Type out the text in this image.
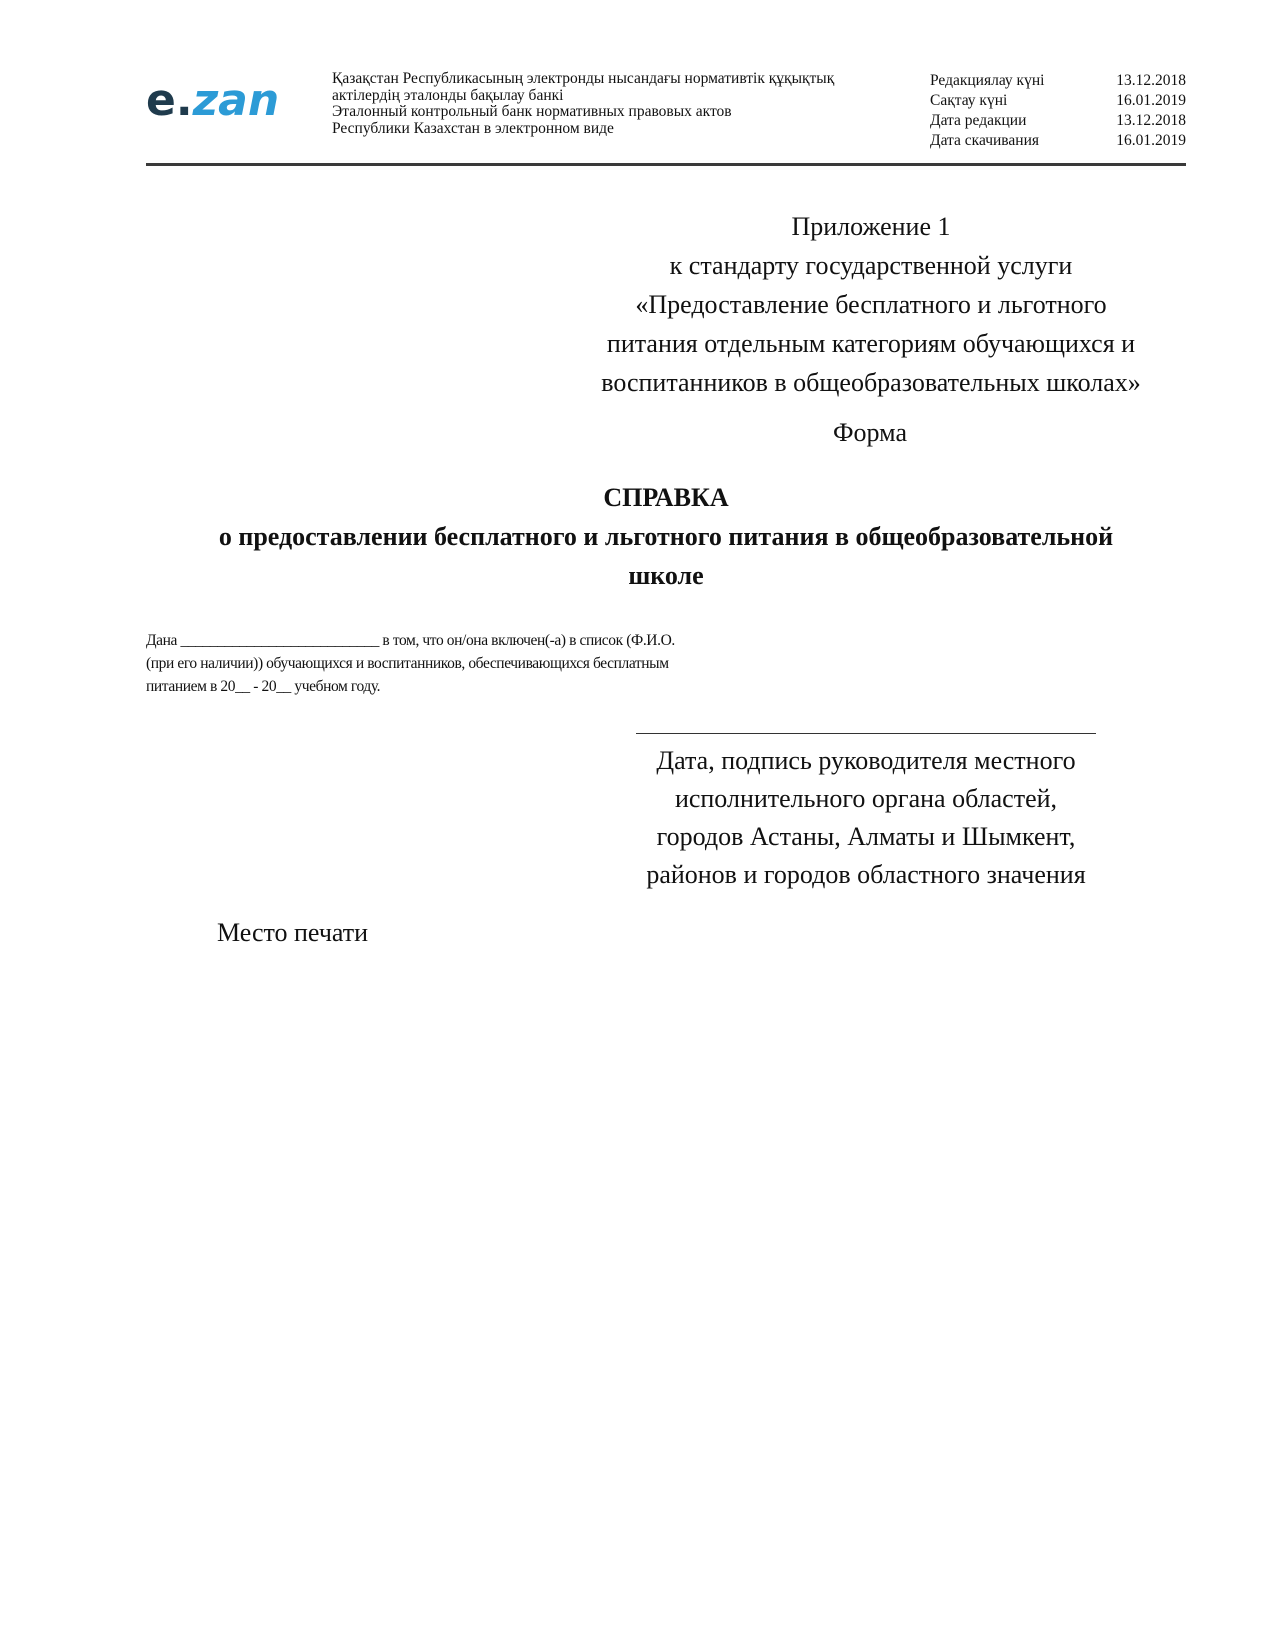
e.zan	Қазақстан Республикасының электронды нысандағы нормативтік құқықтық
актілердің эталонды бақылау банкі
Эталонный контрольный банк нормативных правовых актов
Республики Казахстан в электронном виде
Редакциялау күні	13.12.2018
Сақтау күні	16.01.2019
Дата редакции	13.12.2018
Дата скачивания	16.01.2019
Приложение 1
к стандарту государственной услуги
«Предоставление бесплатного и льготного
питания отдельным категориям обучающихся и
воспитанников в общеобразовательных школах»
Форма
СПРАВКА
о предоставлении бесплатного и льготного питания в общеобразовательной
школе
Дана ___________________________ в том, что он/она включен(-а) в список (Ф.И.О.
(при его наличии)) обучающихся и воспитанников, обеспечивающихся бесплатным
питанием в 20__ - 20__ учебном году.
Дата, подпись руководителя местного
исполнительного органа областей,
городов Астаны, Алматы и Шымкент,
районов и городов областного значения
Место печати
